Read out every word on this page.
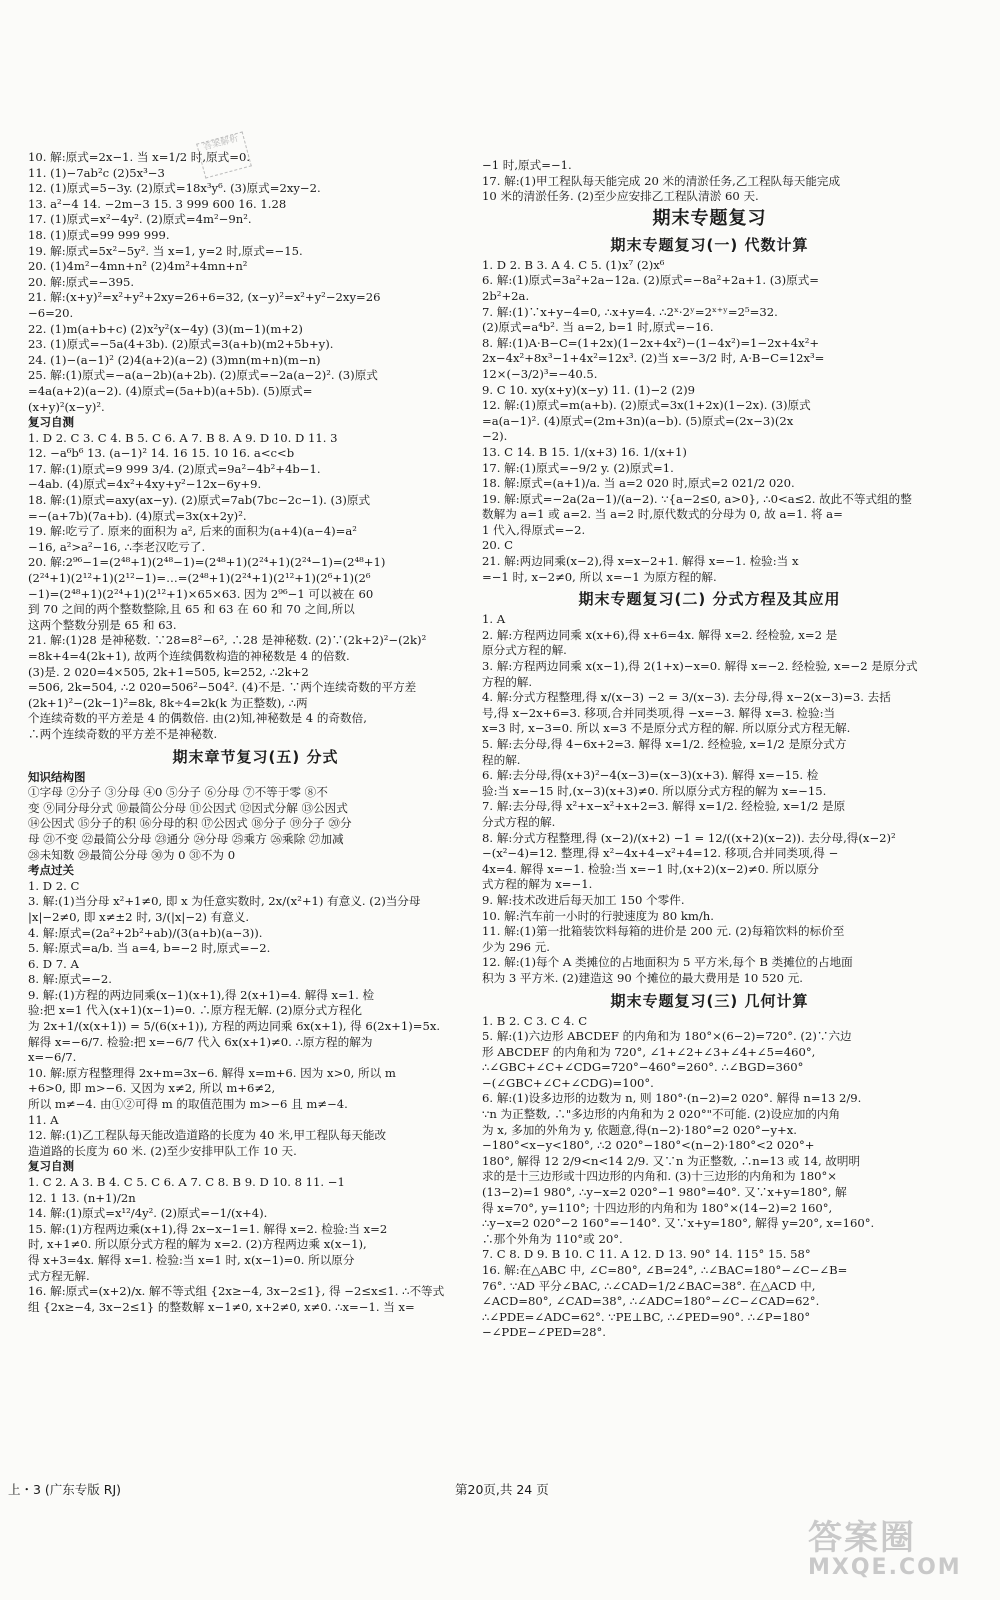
答案解析
10. 解:原式=2x−1. 当 x=1/2 时,原式=0.
11. (1)−7ab²c (2)5x³−3
12. (1)原式=5−3y. (2)原式=18x³y⁶. (3)原式=2xy−2.
13. a²−4 14. −2m−3 15. 3 999 600 16. 1.28
17. (1)原式=x²−4y². (2)原式=4m²−9n².
18. (1)原式=99 999 999.
19. 解:原式=5x²−5y². 当 x=1, y=2 时,原式=−15.
20. (1)4m²−4mn+n² (2)4m²+4mn+n²
20. 解:原式=−395.
21. 解:(x+y)²=x²+y²+2xy=26+6=32, (x−y)²=x²+y²−2xy=26
−6=20.
22. (1)m(a+b+c) (2)x²y²(x−4y) (3)(m−1)(m+2)
23. (1)原式=−5a(4+3b). (2)原式=3(a+b)(m2+5b+y).
24. (1)−(a−1)² (2)4(a+2)(a−2) (3)mn(m+n)(m−n)
25. 解:(1)原式=−a(a−2b)(a+2b). (2)原式=−2a(a−2)². (3)原式
=4a(a+2)(a−2). (4)原式=(5a+b)(a+5b). (5)原式=
(x+y)²(x−y)².
复习自测
1. D 2. C 3. C 4. B 5. C 6. A 7. B 8. A 9. D 10. D 11. 3
12. −a⁶b⁶ 13. (a−1)² 14. 16 15. 10 16. a<c<b
17. 解:(1)原式=9 999 3/4. (2)原式=9a²−4b²+4b−1.
−4ab. (4)原式=4x²+4xy+y²−12x−6y+9.
18. 解:(1)原式=axy(ax−y). (2)原式=7ab(7bc−2c−1). (3)原式
=−(a+7b)(7a+b). (4)原式=3x(x+2y)².
19. 解:吃亏了. 原来的面积为 a², 后来的面积为(a+4)(a−4)=a²
−16, a²>a²−16, ∴李老汉吃亏了.
20. 解:2⁹⁶−1=(2⁴⁸+1)(2⁴⁸−1)=(2⁴⁸+1)(2²⁴+1)(2²⁴−1)=(2⁴⁸+1)
(2²⁴+1)(2¹²+1)(2¹²−1)=…=(2⁴⁸+1)(2²⁴+1)(2¹²+1)(2⁶+1)(2⁶
−1)=(2⁴⁸+1)(2²⁴+1)(2¹²+1)×65×63. 因为 2⁹⁶−1 可以被在 60
到 70 之间的两个整数整除,且 65 和 63 在 60 和 70 之间,所以
这两个整数分别是 65 和 63.
21. 解:(1)28 是神秘数. ∵28=8²−6², ∴28 是神秘数. (2)∵(2k+2)²−(2k)²
=8k+4=4(2k+1), 故两个连续偶数构造的神秘数是 4 的倍数.
(3)是. 2 020=4×505, 2k+1=505, k=252, ∴2k+2
=506, 2k=504, ∴2 020=506²−504². (4)不是. ∵两个连续奇数的平方差
(2k+1)²−(2k−1)²=8k, 8k÷4=2k(k 为正整数), ∴两
个连续奇数的平方差是 4 的偶数倍. 由(2)知,神秘数是 4 的奇数倍,
∴两个连续奇数的平方差不是神秘数.
期末章节复习(五) 分式
知识结构图
①字母 ②分子 ③分母 ④0 ⑤分子 ⑥分母 ⑦不等于零 ⑧不
变 ⑨同分母分式 ⑩最简公分母 ⑪公因式 ⑫因式分解 ⑬公因式
⑭公因式 ⑮分子的积 ⑯分母的积 ⑰公因式 ⑱分子 ⑲分子 ⑳分
母 ㉑不变 ㉒最简公分母 ㉓通分 ㉔分母 ㉕乘方 ㉖乘除 ㉗加减
㉘未知数 ㉙最简公分母 ㉚为 0 ㉛不为 0
考点过关
1. D 2. C
3. 解:(1)当分母 x²+1≠0, 即 x 为任意实数时, 2x/(x²+1) 有意义. (2)当分母
|x|−2≠0, 即 x≠±2 时, 3/(|x|−2) 有意义.
4. 解:原式=(2a²+2b²+ab)/(3(a+b)(a−3)).
5. 解:原式=a/b. 当 a=4, b=−2 时,原式=−2.
6. D 7. A
8. 解:原式=−2.
9. 解:(1)方程的两边同乘(x−1)(x+1),得 2(x+1)=4. 解得 x=1. 检
验:把 x=1 代入(x+1)(x−1)=0. ∴原方程无解. (2)原分式方程化
为 2x+1/(x(x+1)) = 5/(6(x+1)), 方程的两边同乘 6x(x+1), 得 6(2x+1)=5x.
解得 x=−6/7. 检验:把 x=−6/7 代入 6x(x+1)≠0. ∴原方程的解为
x=−6/7.
10. 解:原方程整理得 2x+m=3x−6. 解得 x=m+6. 因为 x>0, 所以 m
+6>0, 即 m>−6. 又因为 x≠2, 所以 m+6≠2,
所以 m≠−4. 由①②可得 m 的取值范围为 m>−6 且 m≠−4.
11. A
12. 解:(1)乙工程队每天能改造道路的长度为 40 米,甲工程队每天能改
造道路的长度为 60 米. (2)至少安排甲队工作 10 天.
复习自测
1. C 2. A 3. B 4. C 5. C 6. A 7. C 8. B 9. D 10. 8 11. −1
12. 1 13. (n+1)/2n
14. 解:(1)原式=x¹²/4y². (2)原式=−1/(x+4).
15. 解:(1)方程两边乘(x+1),得 2x−x−1=1. 解得 x=2. 检验:当 x=2
时, x+1≠0. 所以原分式方程的解为 x=2. (2)方程两边乘 x(x−1),
得 x+3=4x. 解得 x=1. 检验:当 x=1 时, x(x−1)=0. 所以原分
式方程无解.
16. 解:原式=(x+2)/x. 解不等式组 {2x≥−4, 3x−2≤1}, 得 −2≤x≤1. ∴不等式
组 {2x≥−4, 3x−2≤1} 的整数解 x−1≠0, x+2≠0, x≠0. ∴x=−1. 当 x=
−1 时,原式=−1.
17. 解:(1)甲工程队每天能完成 20 米的清淤任务,乙工程队每天能完成
10 米的清淤任务. (2)至少应安排乙工程队清淤 60 天.
期末专题复习
期末专题复习(一) 代数计算
1. D 2. B 3. A 4. C 5. (1)x⁷ (2)x⁶
6. 解:(1)原式=3a²+2a−12a. (2)原式=−8a²+2a+1. (3)原式=
2b²+2a.
7. 解:(1)∵x+y−4=0, ∴x+y=4. ∴2ˣ·2ʸ=2ˣ⁺ʸ=2⁵=32.
(2)原式=a⁴b². 当 a=2, b=1 时,原式=−16.
8. 解:(1)A·B−C=(1+2x)(1−2x+4x²)−(1−4x²)=1−2x+4x²+
2x−4x²+8x³−1+4x²=12x³. (2)当 x=−3/2 时, A·B−C=12x³=
12×(−3/2)³=−40.5.
9. C 10. xy(x+y)(x−y) 11. (1)−2 (2)9
12. 解:(1)原式=m(a+b). (2)原式=3x(1+2x)(1−2x). (3)原式
=a(a−1)². (4)原式=(2m+3n)(a−b). (5)原式=(2x−3)(2x
−2).
13. C 14. B 15. 1/(x+3) 16. 1/(x+1)
17. 解:(1)原式=−9/2 y. (2)原式=1.
18. 解:原式=(a+1)/a. 当 a=2 020 时,原式=2 021/2 020.
19. 解:原式=−2a(2a−1)/(a−2). ∵{a−2≤0, a>0}, ∴0<a≤2. 故此不等式组的整
数解为 a=1 或 a=2. 当 a=2 时,原代数式的分母为 0, 故 a=1. 将 a=
1 代入,得原式=−2.
20. C
21. 解:两边同乘(x−2),得 x=x−2+1. 解得 x=−1. 检验:当 x
=−1 时, x−2≠0, 所以 x=−1 为原方程的解.
期末专题复习(二) 分式方程及其应用
1. A
2. 解:方程两边同乘 x(x+6),得 x+6=4x. 解得 x=2. 经检验, x=2 是
原分式方程的解.
3. 解:方程两边同乘 x(x−1),得 2(1+x)−x=0. 解得 x=−2. 经检验, x=−2 是原分式
方程的解.
4. 解:分式方程整理,得 x/(x−3) −2 = 3/(x−3). 去分母,得 x−2(x−3)=3. 去括
号,得 x−2x+6=3. 移项,合并同类项,得 −x=−3. 解得 x=3. 检验:当
x=3 时, x−3=0. 所以 x=3 不是原分式方程的解. 所以原分式方程无解.
5. 解:去分母,得 4−6x+2=3. 解得 x=1/2. 经检验, x=1/2 是原分式方
程的解.
6. 解:去分母,得(x+3)²−4(x−3)=(x−3)(x+3). 解得 x=−15. 检
验:当 x=−15 时,(x−3)(x+3)≠0. 所以原分式方程的解为 x=−15.
7. 解:去分母,得 x²+x−x²+x+2=3. 解得 x=1/2. 经检验, x=1/2 是原
分式方程的解.
8. 解:分式方程整理,得 (x−2)/(x+2) −1 = 12/((x+2)(x−2)). 去分母,得(x−2)²
−(x²−4)=12. 整理,得 x²−4x+4−x²+4=12. 移项,合并同类项,得 −
4x=4. 解得 x=−1. 检验:当 x=−1 时,(x+2)(x−2)≠0. 所以原分
式方程的解为 x=−1.
9. 解:技术改进后每天加工 150 个零件.
10. 解:汽车前一小时的行驶速度为 80 km/h.
11. 解:(1)第一批箱装饮料每箱的进价是 200 元. (2)每箱饮料的标价至
少为 296 元.
12. 解:(1)每个 A 类摊位的占地面积为 5 平方米,每个 B 类摊位的占地面
积为 3 平方米. (2)建造这 90 个摊位的最大费用是 10 520 元.
期末专题复习(三) 几何计算
1. B 2. C 3. C 4. C
5. 解:(1)六边形 ABCDEF 的内角和为 180°×(6−2)=720°. (2)∵六边
形 ABCDEF 的内角和为 720°, ∠1+∠2+∠3+∠4+∠5=460°,
∴∠GBC+∠C+∠CDG=720°−460°=260°. ∴∠BGD=360°
−(∠GBC+∠C+∠CDG)=100°.
6. 解:(1)设多边形的边数为 n, 则 180°·(n−2)=2 020°. 解得 n=13 2/9.
∵n 为正整数, ∴"多边形的内角和为 2 020°"不可能. (2)设应加的内角
为 x, 多加的外角为 y, 依题意,得(n−2)·180°=2 020°−y+x.
−180°<x−y<180°, ∴2 020°−180°<(n−2)·180°<2 020°+
180°, 解得 12 2/9<n<14 2/9. 又∵n 为正整数, ∴n=13 或 14, 故明明
求的是十三边形或十四边形的内角和. (3)十三边形的内角和为 180°×
(13−2)=1 980°, ∴y−x=2 020°−1 980°=40°. 又∵x+y=180°, 解
得 x=70°, y=110°; 十四边形的内角和为 180°×(14−2)=2 160°,
∴y−x=2 020°−2 160°=−140°. 又∵x+y=180°, 解得 y=20°, x=160°.
∴那个外角为 110°或 20°.
7. C 8. D 9. B 10. C 11. A 12. D 13. 90° 14. 115° 15. 58°
16. 解:在△ABC 中, ∠C=80°, ∠B=24°, ∴∠BAC=180°−∠C−∠B=
76°. ∵AD 平分∠BAC, ∴∠CAD=1/2∠BAC=38°. 在△ACD 中,
∠ACD=80°, ∠CAD=38°, ∴∠ADC=180°−∠C−∠CAD=62°.
∴∠PDE=∠ADC=62°. ∵PE⊥BC, ∴∠PED=90°. ∴∠P=180°
−∠PDE−∠PED=28°.
上・3 (广东专版 RJ)	第20页,共 24 页
答案圈
MXQE.COM
